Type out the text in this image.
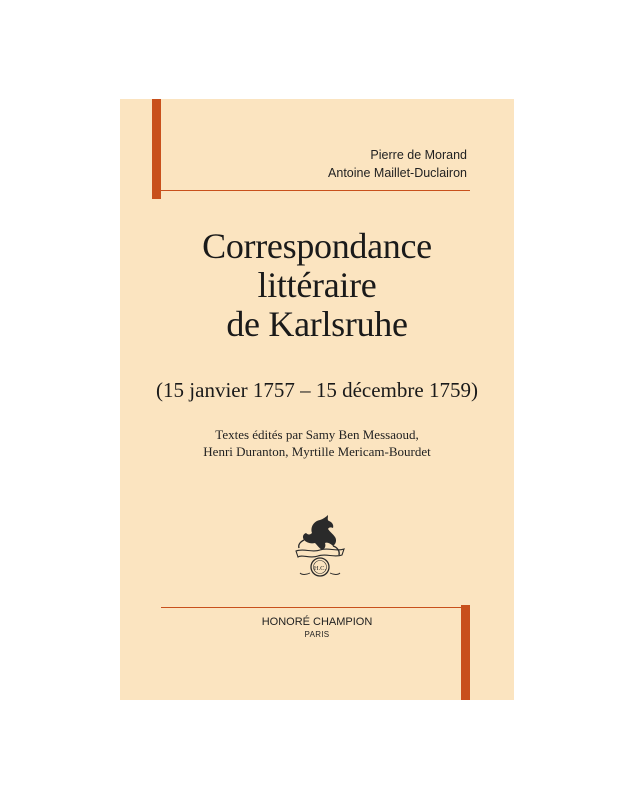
Pierre de Morand
Antoine Maillet-Duclairon
Correspondance
littéraire
de Karlsruhe
(15 janvier 1757 – 15 décembre 1759)
Textes édités par Samy Ben Messaoud,
Henri Duranton, Myrtille Mericam-Bourdet
H.C.
HONORÉ CHAMPION
PARIS
